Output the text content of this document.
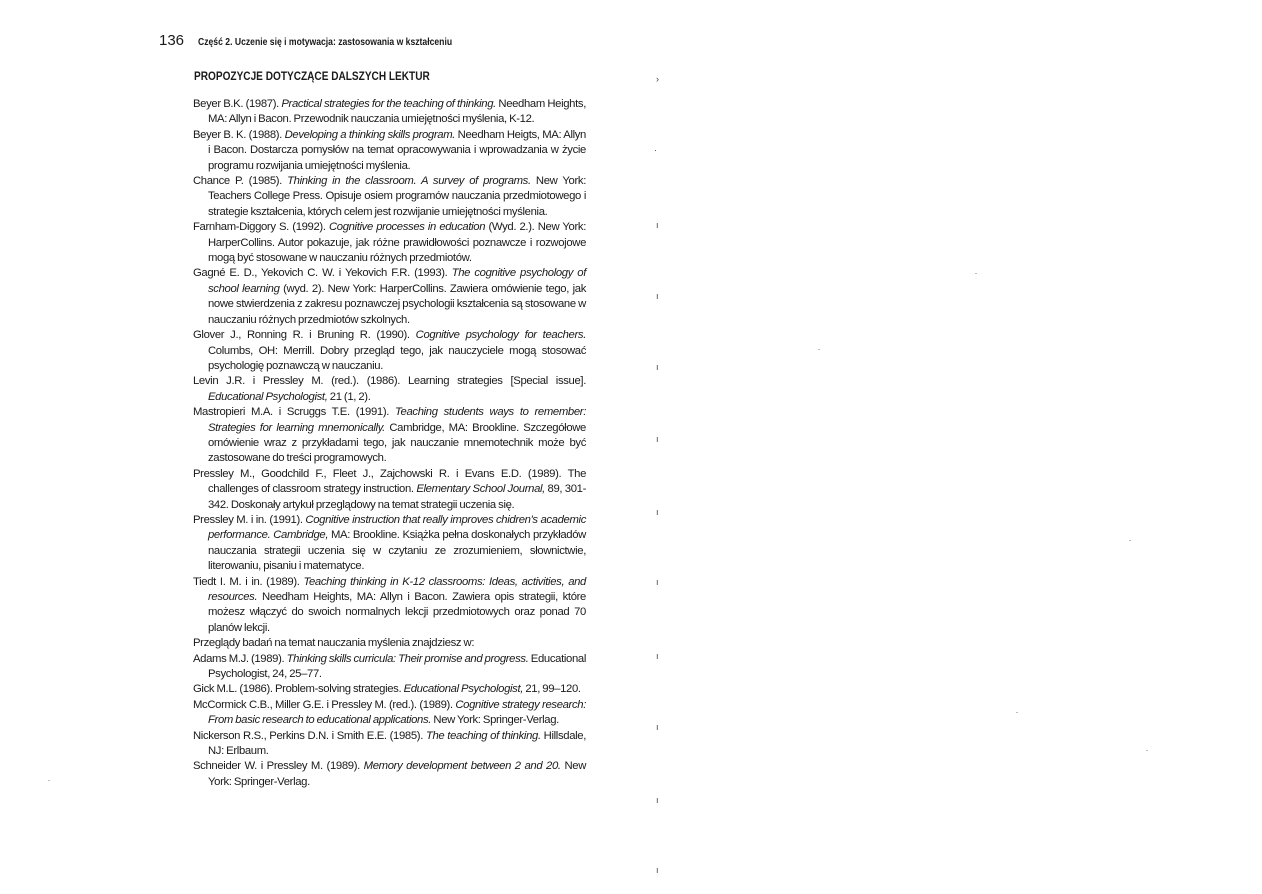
136 Część 2. Uczenie się i motywacja: zastosowania w kształceniu
PROPOZYCJE DOTYCZĄCE DALSZYCH LEKTUR

Beyer B.K. (1987). Practical strategies for the teaching of thinking. Needham Heights, MA: Allyn i Bacon. Przewodnik nauczania umiejętności myślenia, K-12.

Beyer B. K. (1988). Developing a thinking skills program. Needham Heigts, MA: Allyn i Bacon. Dostarcza pomysłów na temat opracowywania i wprowadzania w życie programu rozwijania umiejętności myślenia.

Chance P. (1985). Thinking in the classroom. A survey of programs. New York: Teachers College Press. Opisuje osiem programów nauczania przedmiotowego i strategie kształcenia, których celem jest rozwijanie umiejętności myślenia.

Farnham-Diggory S. (1992). Cognitive processes in education (Wyd. 2.). New York: HarperCollins. Autor pokazuje, jak różne prawidłowości poznawcze i rozwojowe mogą być stosowane w nauczaniu różnych przedmiotów.

Gagné E. D., Yekovich C. W. i Yekovich F.R. (1993). The cognitive psychology of school learning (wyd. 2). New York: HarperCollins. Zawiera omówienie tego, jak nowe stwierdzenia z zakresu poznawczej psychologii kształcenia są stosowane w nauczaniu różnych przedmiotów szkolnych.

Glover J., Ronning R. i Bruning R. (1990). Cognitive psychology for teachers. Columbs, OH: Merrill. Dobry przegląd tego, jak nauczyciele mogą stosować psychologię poznawczą w nauczaniu.

Levin J.R. i Pressley M. (red.). (1986). Learning strategies [Special issue]. Educational Psychologist, 21 (1, 2).

Mastropieri M.A. i Scruggs T.E. (1991). Teaching students ways to remember: Strategies for learning mnemonically. Cambridge, MA: Brookline. Szczegółowe omówienie wraz z przykładami tego, jak nauczanie mnemotechnik może być zastosowane do treści programowych.

Pressley M., Goodchild F., Fleet J., Zajchowski R. i Evans E.D. (1989). The challenges of classroom strategy instruction. Elementary School Journal, 89, 301-342. Doskonały artykuł przeglądowy na temat strategii uczenia się.

Pressley M. i in. (1991). Cognitive instruction that really improves chidren's academic performance. Cambridge, MA: Brookline. Książka pełna doskonałych przykładów nauczania strategii uczenia się w czytaniu ze zrozumieniem, słownictwie, literowaniu, pisaniu i matematyce.

Tiedt I. M. i in. (1989). Teaching thinking in K-12 classrooms: Ideas, activities, and resources. Needham Heights, MA: Allyn i Bacon. Zawiera opis strategii, które możesz włączyć do swoich normalnych lekcji przedmiotowych oraz ponad 70 planów lekcji.

Przeglądy badań na temat nauczania myślenia znajdziesz w:

Adams M.J. (1989). Thinking skills curricula: Their promise and progress. Educational Psychologist, 24, 25–77.

Gick M.L. (1986). Problem-solving strategies. Educational Psychologist, 21, 99–120.

McCormick C.B., Miller G.E. i Pressley M. (red.). (1989). Cognitive strategy research: From basic research to educational applications. New York: Springer-Verlag.

Nickerson R.S., Perkins D.N. i Smith E.E. (1985). The teaching of thinking. Hillsdale, NJ: Erlbaum.

Schneider W. i Pressley M. (1989). Memory development between 2 and 20. New York: Springer-Verlag.

›
·
ı
ı
ı
ı
ı
ı
ı
ı
ı
ı
